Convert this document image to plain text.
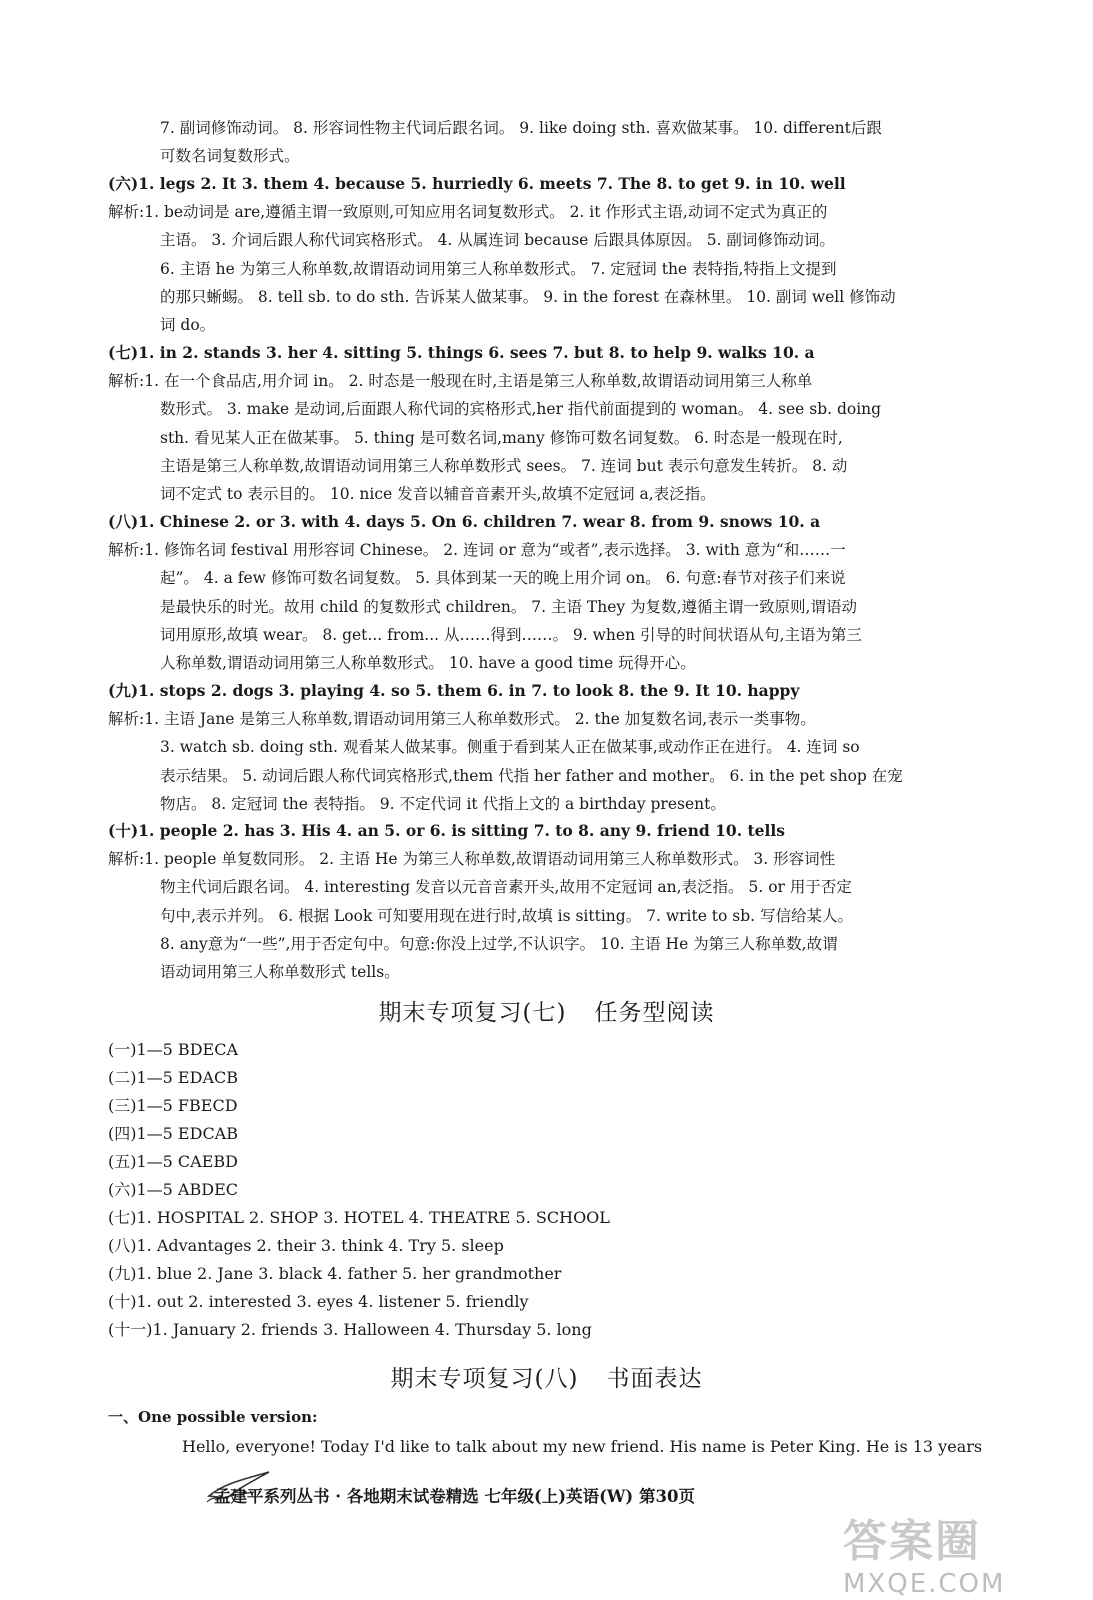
7. 副词修饰动词。 8. 形容词性物主代词后跟名词。 9. like doing sth. 喜欢做某事。 10. different后跟

可数名词复数形式。

(六)1. legs 2. It 3. them 4. because 5. hurriedly 6. meets 7. The 8. to get 9. in 10. well

解析:1. be动词是 are,遵循主谓一致原则,可知应用名词复数形式。 2. it 作形式主语,动词不定式为真正的

主语。 3. 介词后跟人称代词宾格形式。 4. 从属连词 because 后跟具体原因。 5. 副词修饰动词。

6. 主语 he 为第三人称单数,故谓语动词用第三人称单数形式。 7. 定冠词 the 表特指,特指上文提到

的那只蜥蜴。 8. tell sb. to do sth. 告诉某人做某事。 9. in the forest 在森林里。 10. 副词 well 修饰动

词 do。

(七)1. in 2. stands 3. her 4. sitting 5. things 6. sees 7. but 8. to help 9. walks 10. a

解析:1. 在一个食品店,用介词 in。 2. 时态是一般现在时,主语是第三人称单数,故谓语动词用第三人称单

数形式。 3. make 是动词,后面跟人称代词的宾格形式,her 指代前面提到的 woman。 4. see sb. doing

sth. 看见某人正在做某事。 5. thing 是可数名词,many 修饰可数名词复数。 6. 时态是一般现在时,

主语是第三人称单数,故谓语动词用第三人称单数形式 sees。 7. 连词 but 表示句意发生转折。 8. 动

词不定式 to 表示目的。 10. nice 发音以辅音音素开头,故填不定冠词 a,表泛指。

(八)1. Chinese 2. or 3. with 4. days 5. On 6. children 7. wear 8. from 9. snows 10. a

解析:1. 修饰名词 festival 用形容词 Chinese。 2. 连词 or 意为“或者”,表示选择。 3. with 意为“和……一

起”。 4. a few 修饰可数名词复数。 5. 具体到某一天的晚上用介词 on。 6. 句意:春节对孩子们来说

是最快乐的时光。故用 child 的复数形式 children。 7. 主语 They 为复数,遵循主谓一致原则,谓语动

词用原形,故填 wear。 8. get... from... 从……得到……。 9. when 引导的时间状语从句,主语为第三

人称单数,谓语动词用第三人称单数形式。 10. have a good time 玩得开心。

(九)1. stops 2. dogs 3. playing 4. so 5. them 6. in 7. to look 8. the 9. It 10. happy

解析:1. 主语 Jane 是第三人称单数,谓语动词用第三人称单数形式。 2. the 加复数名词,表示一类事物。

3. watch sb. doing sth. 观看某人做某事。侧重于看到某人正在做某事,或动作正在进行。 4. 连词 so

表示结果。 5. 动词后跟人称代词宾格形式,them 代指 her father and mother。 6. in the pet shop 在宠

物店。 8. 定冠词 the 表特指。 9. 不定代词 it 代指上文的 a birthday present。

(十)1. people 2. has 3. His 4. an 5. or 6. is sitting 7. to 8. any 9. friend 10. tells

解析:1. people 单复数同形。 2. 主语 He 为第三人称单数,故谓语动词用第三人称单数形式。 3. 形容词性

物主代词后跟名词。 4. interesting 发音以元音音素开头,故用不定冠词 an,表泛指。 5. or 用于否定

句中,表示并列。 6. 根据 Look 可知要用现在进行时,故填 is sitting。 7. write to sb. 写信给某人。

8. any意为“一些”,用于否定句中。句意:你没上过学,不认识字。 10. 主语 He 为第三人称单数,故谓

语动词用第三人称单数形式 tells。

期末专项复习(七) 任务型阅读
(一)1—5 BDECA
(二)1—5 EDACB
(三)1—5 FBECD
(四)1—5 EDCAB
(五)1—5 CAEBD
(六)1—5 ABDEC
(七)1. HOSPITAL 2. SHOP 3. HOTEL 4. THEATRE 5. SCHOOL
(八)1. Advantages 2. their 3. think 4. Try 5. sleep
(九)1. blue 2. Jane 3. black 4. father 5. her grandmother
(十)1. out 2. interested 3. eyes 4. listener 5. friendly
(十一)1. January 2. friends 3. Halloween 4. Thursday 5. long
期末专项复习(八) 书面表达
一、One possible version:
Hello, everyone! Today I'd like to talk about my new friend. His name is Peter King. He is 13 years
孟建平系列丛书 · 各地期末试卷精选 七年级(上)英语(W) 第30页
答案圈
MXQE.COM
